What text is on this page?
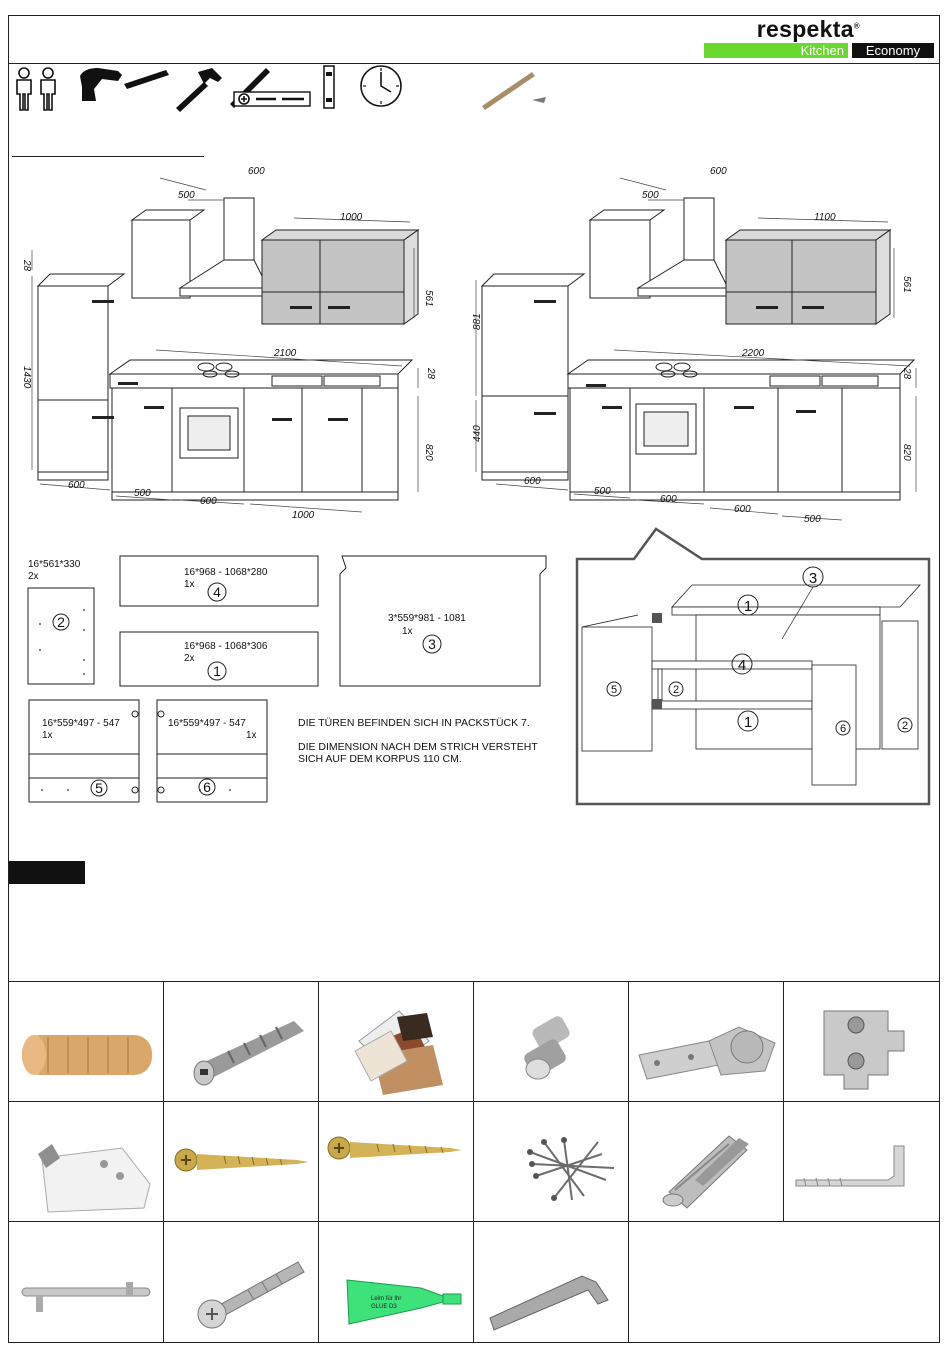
respekta®
Kitchen	Economy
600
500
1000
561
28
1430
2100
28
820
600
500
600
1000
600
500
1100
561
881
440
2200
28
820
600
500
600
600
500
2
4
1
3
5	6
16*561*330
2x	16*968 - 1068*280
1x
16*968 - 1068*306
2x
3*559*981 - 1081
1x
16*559*497 - 547
1x
16*559*497 - 547
1x
DIE TÜREN BEFINDEN SICH IN PACKSTÜCK 7.
DIE DIMENSION NACH DEM STRICH VERSTEHT
SICH AUF DEM KORPUS 110 CM.
3
1
4
1
5	2
6	2
Leim für Ihr
GLUE D3
